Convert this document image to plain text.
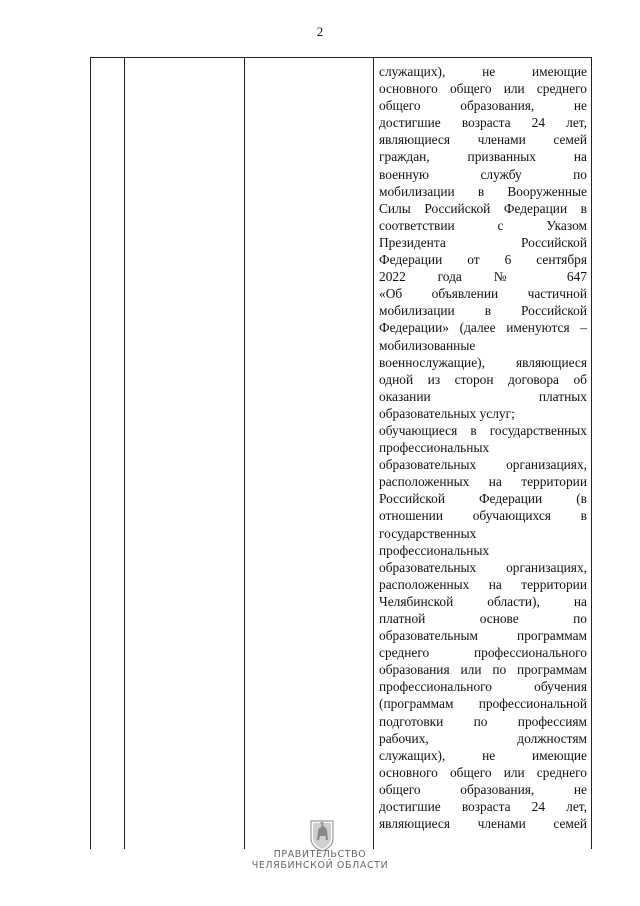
2
служащих), не имеющие
основного общего или среднего
общего образования, не
достигшие возраста 24 лет,
являющиеся членами семей
граждан, призванных на
военную службу по
мобилизации в Вооруженные
Силы Российской Федерации в
соответствии с Указом
Президента Российской
Федерации от 6 сентября
2022 года № 647
«Об объявлении частичной
мобилизации в Российской
Федерации» (далее именуются –
мобилизованные
военнослужащие), являющиеся
одной из сторон договора об
оказании платных
образовательных услуг;
обучающиеся в государственных
профессиональных
образовательных организациях,
расположенных на территории
Российской Федерации (в
отношении обучающихся в
государственных
профессиональных
образовательных организациях,
расположенных на территории
Челябинской области), на
платной основе по
образовательным программам
среднего профессионального
образования или по программам
профессионального обучения
(программам профессиональной
подготовки по профессиям
рабочих, должностям
служащих), не имеющие
основного общего или среднего
общего образования, не
достигшие возраста 24 лет,
являющиеся членами семей
ПРАВИТЕЛЬСТВО
ЧЕЛЯБИНСКОЙ ОБЛАСТИ
